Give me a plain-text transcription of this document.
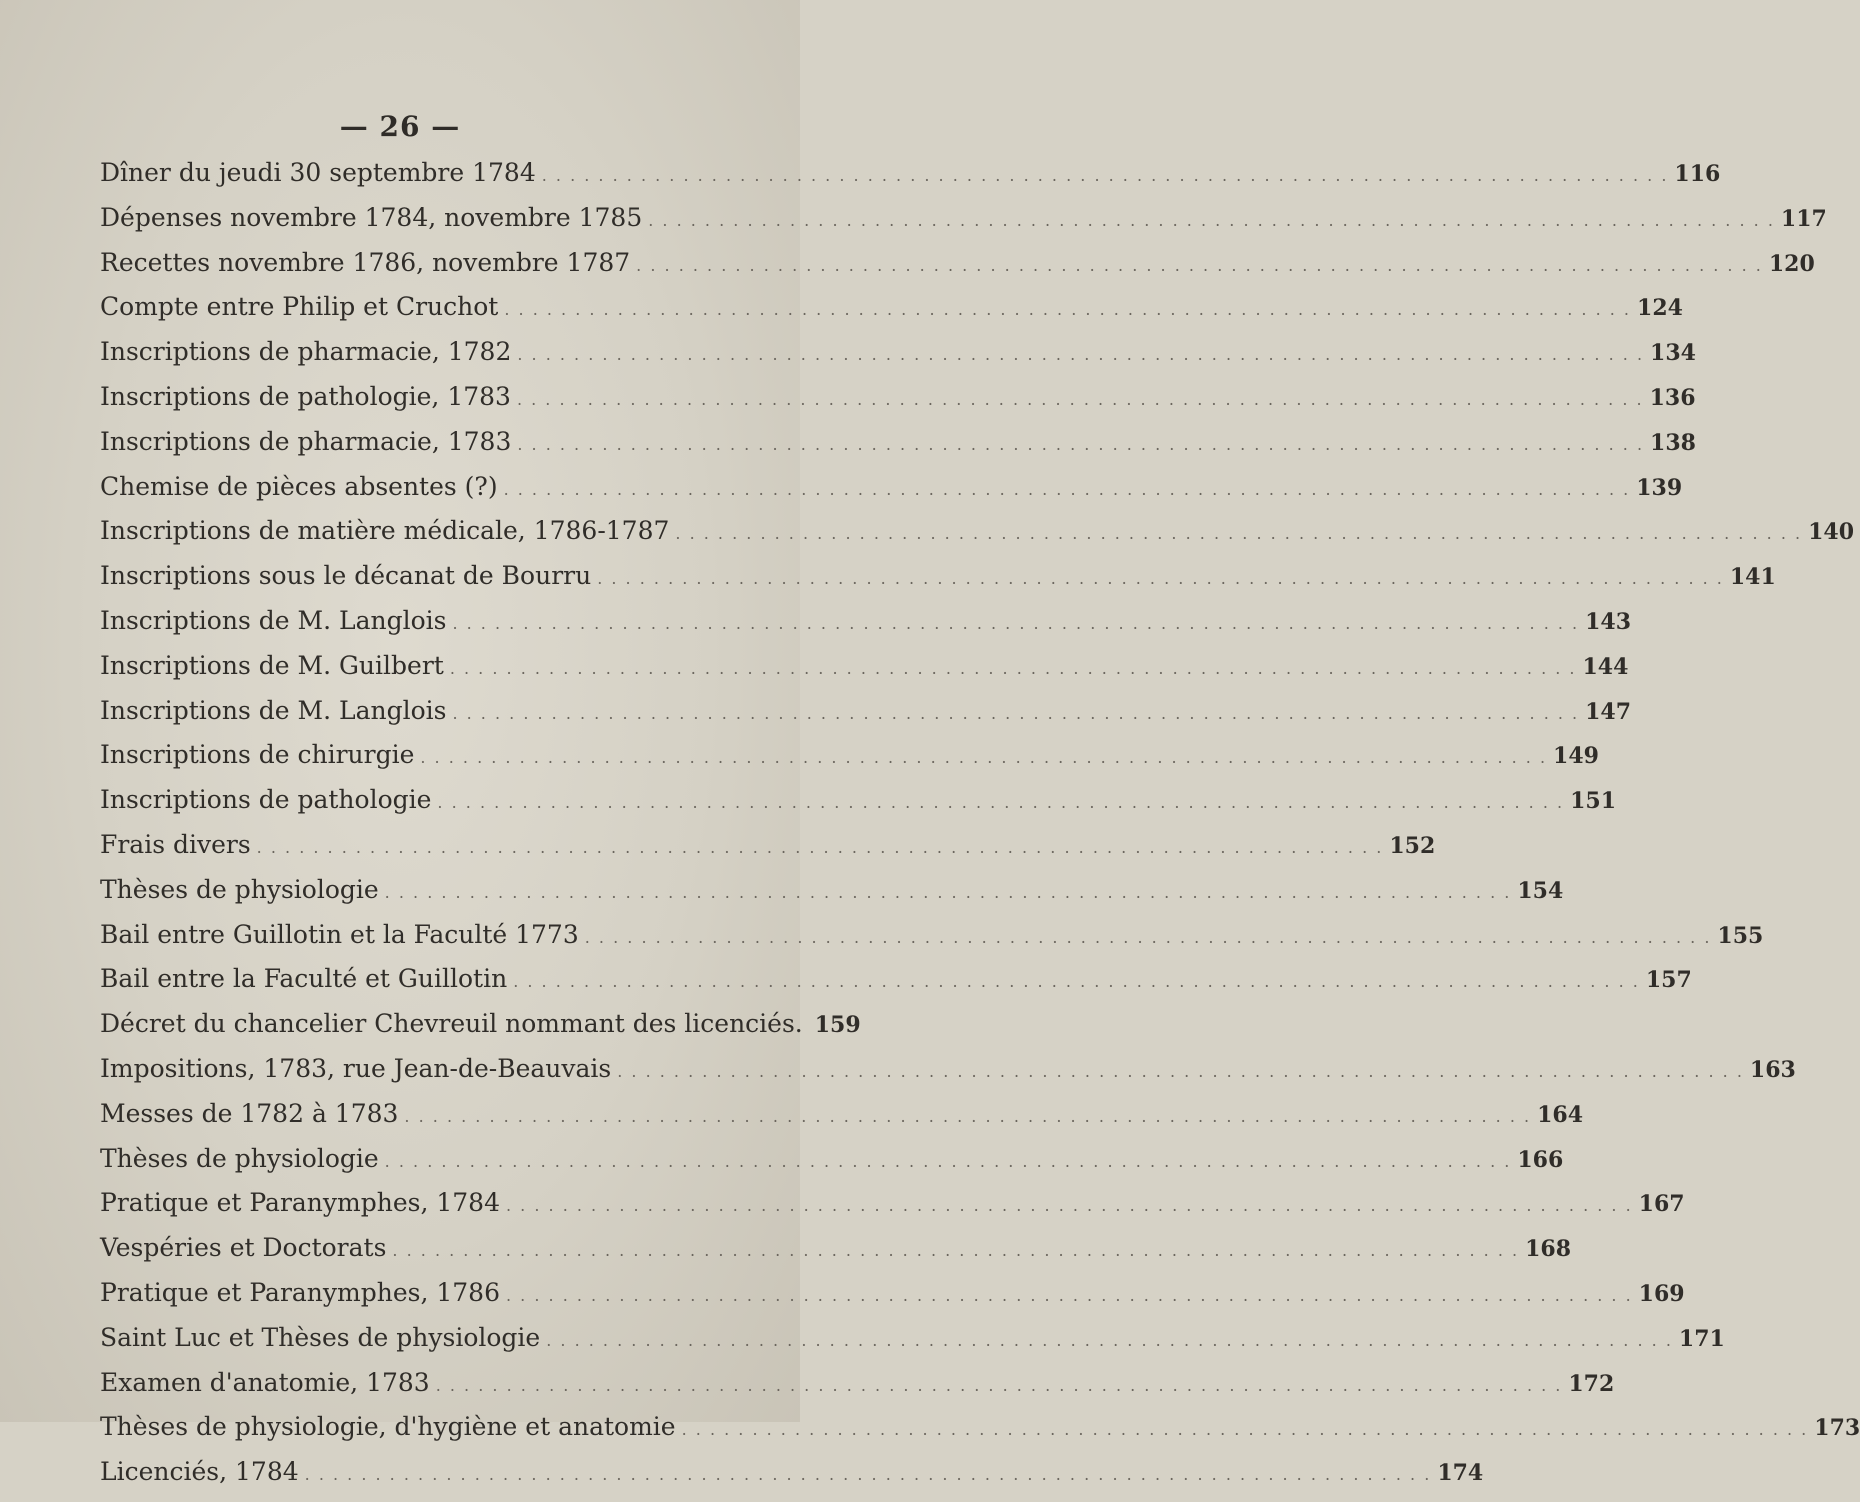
— 26 —
Dîner du jeudi 30 septembre 1784 . . .	116
Dépenses novembre 1784, novembre 1785 . . .	117
Recettes novembre 1786, novembre 1787 . . .	120
Compte entre Philip et Cruchot . . .	124
Inscriptions de pharmacie, 1782 . . .	134
Inscriptions de pathologie, 1783 . . .	136
Inscriptions de pharmacie, 1783 . . .	138
Chemise de pièces absentes (?) . . .	139
Inscriptions de matière médicale, 1786-1787 . . .	140
Inscriptions sous le décanat de Bourru . . .	141
Inscriptions de M. Langlois . . .	143
Inscriptions de M. Guilbert . . .	144
Inscriptions de M. Langlois . . .	147
Inscriptions de chirurgie . . .	149
Inscriptions de pathologie . . .	151
Frais divers . . .	152
Thèses de physiologie . . .	154
Bail entre Guillotin et la Faculté 1773 . . .	155
Bail entre la Faculté et Guillotin . . .	157
Décret du chancelier Chevreuil nommant des licenciés. 159
Impositions, 1783, rue Jean-de-Beauvais . . .	163
Messes de 1782 à 1783 . . .	164
Thèses de physiologie . . .	166
Pratique et Paranymphes, 1784 . . .	167
Vespéries et Doctorats . . .	168
Pratique et Paranymphes, 1786 . . .	169
Saint Luc et Thèses de physiologie . . .	171
Examen d'anatomie, 1783 . . .	172
Thèses de physiologie, d'hygiène et anatomie . . .	173
Licenciés, 1784 . . .	174
